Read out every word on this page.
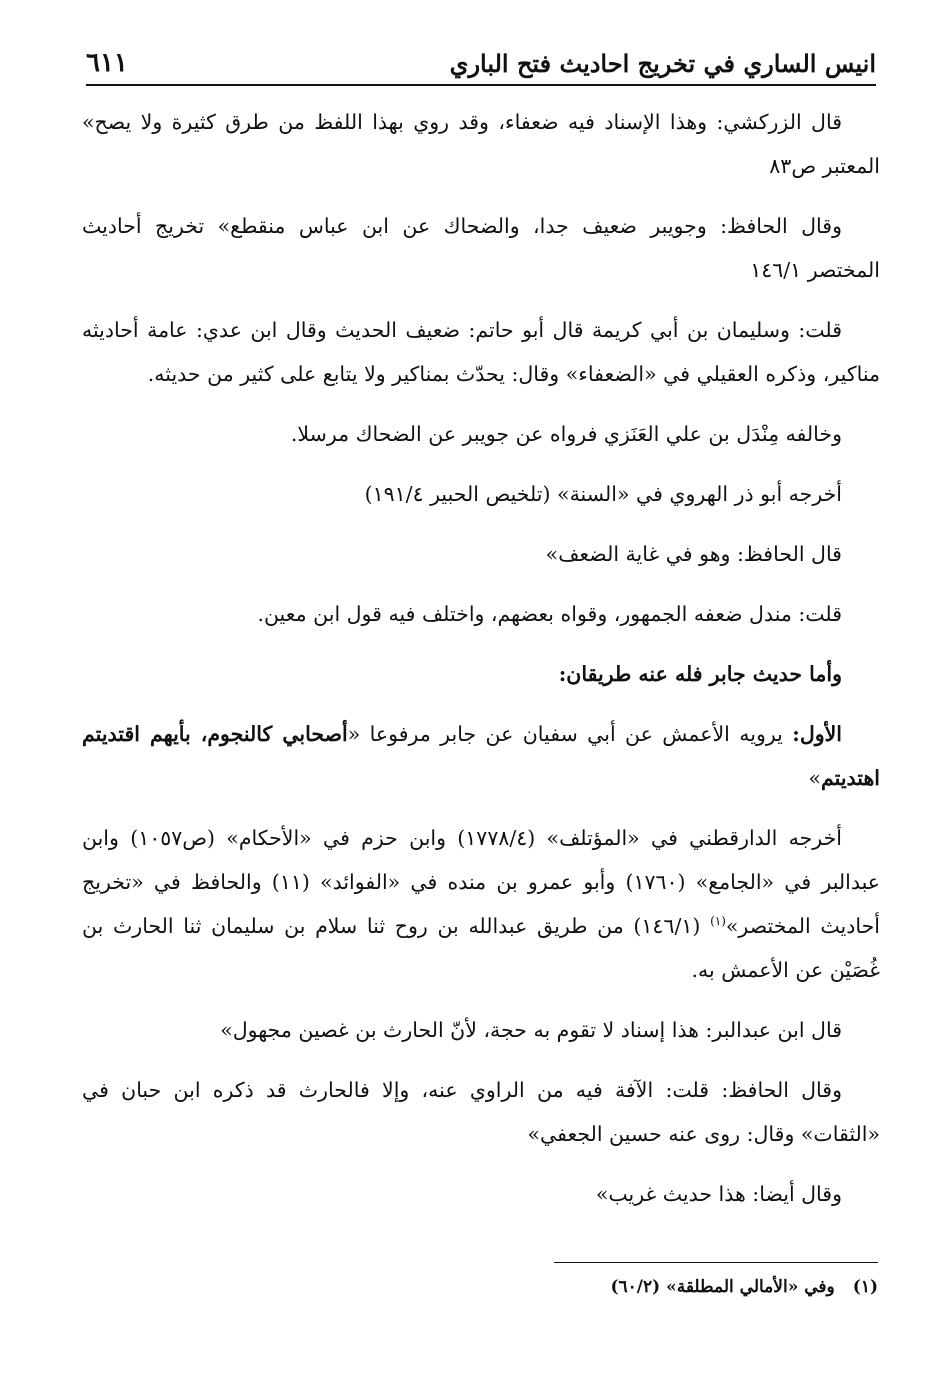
انيس الساري في تخريج احاديث فتح الباري
٦١١

قال الزركشي: وهذا الإسناد فيه ضعفاء، وقد روي بهذا اللفظ من طرق كثيرة ولا يصح» المعتبر ص٨٣

وقال الحافظ: وجويبر ضعيف جدا، والضحاك عن ابن عباس منقطع» تخريج أحاديث المختصر ١٤٦/١

قلت: وسليمان بن أبي كريمة قال أبو حاتم: ضعيف الحديث وقال ابن عدي: عامة أحاديثه مناكير، وذكره العقيلي في «الضعفاء» وقال: يحدّث بمناكير ولا يتابع على كثير من حديثه.

وخالفه مِنْدَل بن علي العَنَزي فرواه عن جويبر عن الضحاك مرسلا.

أخرجه أبو ذر الهروي في «السنة» (تلخيص الحبير ١٩١/٤)

قال الحافظ: وهو في غاية الضعف»

قلت: مندل ضعفه الجمهور، وقواه بعضهم، واختلف فيه قول ابن معين.

وأما حديث جابر فله عنه طريقان:

الأول: يرويه الأعمش عن أبي سفيان عن جابر مرفوعا «أصحابي كالنجوم، بأيهم اقتديتم اهتديتم»

أخرجه الدارقطني في «المؤتلف» (١٧٧٨/٤) وابن حزم في «الأحكام» (ص١٠٥٧) وابن عبدالبر في «الجامع» (١٧٦٠) وأبو عمرو بن منده في «الفوائد» (١١) والحافظ في «تخريج أحاديث المختصر»$^{(١)}$ (١٤٦/١) من طريق عبدالله بن روح ثنا سلام بن سليمان ثنا الحارث بن غُصَيْن عن الأعمش به.

قال ابن عبدالبر: هذا إسناد لا تقوم به حجة، لأنّ الحارث بن غصين مجهول»

وقال الحافظ: قلت: الآفة فيه من الراوي عنه، وإلا فالحارث قد ذكره ابن حبان في «الثقات» وقال: روى عنه حسين الجعفي»

وقال أيضا: هذا حديث غريب»

(١)وفي «الأمالي المطلقة» (٦٠/٢)
